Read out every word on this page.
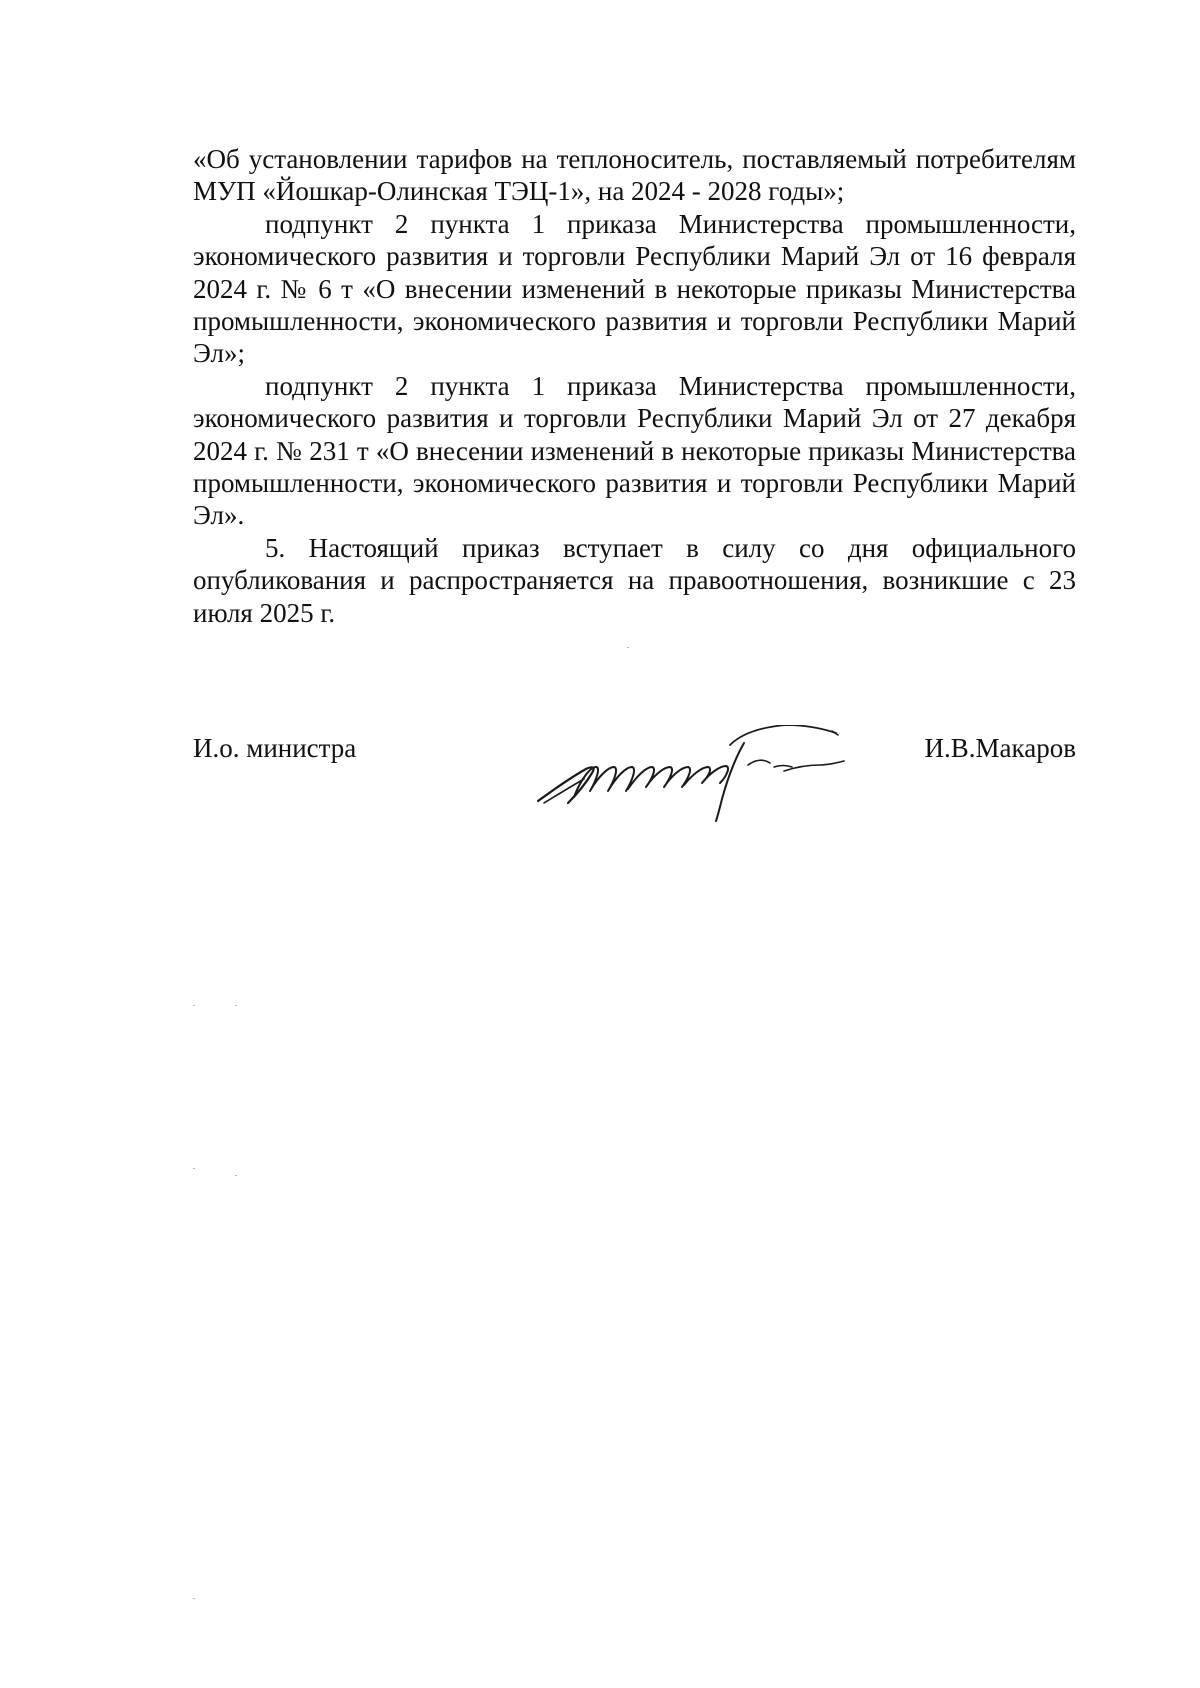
«Об установлении тарифов на теплоноситель, поставляемый потребителям МУП «Йошкар-Олинская ТЭЦ-1», на 2024 - 2028 годы»;

подпункт 2 пункта 1 приказа Министерства промышленности, экономического развития и торговли Республики Марий Эл от 16 февраля 2024 г. № 6 т «О внесении изменений в некоторые приказы Министерства промышленности, экономического развития и торговли Республики Марий Эл»;

подпункт 2 пункта 1 приказа Министерства промышленности, экономического развития и торговли Республики Марий Эл от 27 декабря 2024 г. № 231 т «О внесении изменений в некоторые приказы Министерства промышленности, экономического развития и торговли Республики Марий Эл».

5. Настоящий приказ вступает в силу со дня официального опубликования и распространяется на правоотношения, возникшие с 23 июля 2025 г.

И.о. министра	И.В.Макаров
